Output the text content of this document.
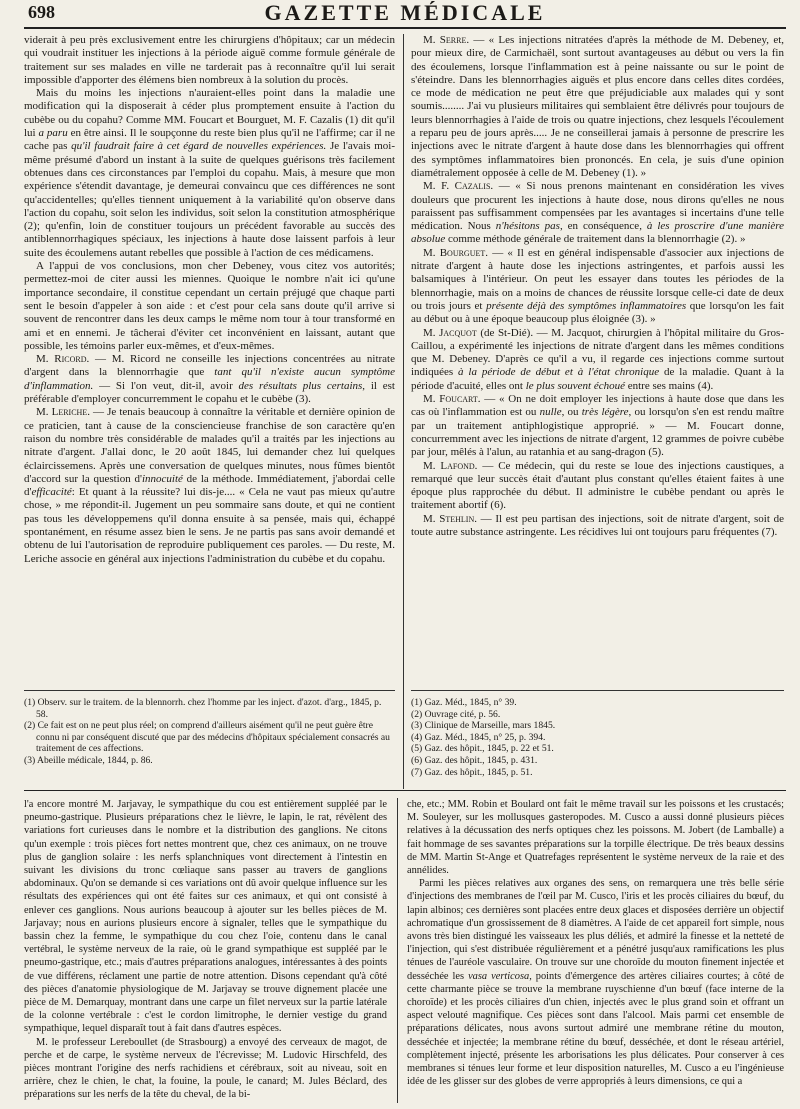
698	GAZETTE MÉDICALE

viderait à peu près exclusivement entre les chirurgiens d'hôpitaux; car un médecin qui voudrait instituer les injections à la période aiguë comme formule générale de traitement sur ses malades en ville ne tarderait pas à reconnaître qu'il lui serait impossible d'apporter des élémens bien nombreux à la solution du procès.

Mais du moins les injections n'auraient-elles point dans la maladie une modification qui la disposerait à céder plus promptement ensuite à l'action du cubèbe ou du copahu? Comme MM. Foucart et Bourguet, M. F. Cazalis (1) dit qu'il lui a paru en être ainsi. Il le soupçonne du reste bien plus qu'il ne l'affirme; car il ne cache pas qu'il faudrait faire à cet égard de nouvelles expériences. Je l'avais moi-même présumé d'abord un instant à la suite de quelques guérisons très facilement obtenues dans ces circonstances par l'emploi du copahu. Mais, à mesure que mon expérience s'étendit davantage, je demeurai convaincu que ces différences ne sont qu'accidentelles; qu'elles tiennent uniquement à la variabilité qu'on observe dans l'action du copahu, soit selon les individus, soit selon la constitution atmosphérique (2); qu'enfin, loin de constituer toujours un précédent favorable au succès des antiblennorrhagiques spéciaux, les injections à haute dose laissent parfois à leur suite des écoulemens autant rebelles que possible à l'action de ces médicamens.

A l'appui de vos conclusions, mon cher Debeney, vous citez vos autorités; permettez-moi de citer aussi les miennes. Quoique le nombre n'ait ici qu'une importance secondaire, il constitue cependant un certain préjugé que chaque parti sent le besoin d'appeler à son aide : et c'est pour cela sans doute qu'il arrive si souvent de rencontrer dans les deux camps le même nom tour à tour transformé en ami et en ennemi. Je tâcherai d'éviter cet inconvénient en laissant, autant que possible, les témoins parler eux-mêmes, et d'eux-mêmes.

M. Ricord. — M. Ricord ne conseille les injections concentrées au nitrate d'argent dans la blennorrhagie que tant qu'il n'existe aucun symptôme d'inflammation. — Si l'on veut, dit-il, avoir des résultats plus certains, il est préférable d'employer concurremment le copahu et le cubèbe (3).

M. Leriche. — Je tenais beaucoup à connaître la véritable et dernière opinion de ce praticien, tant à cause de la consciencieuse franchise de son caractère qu'en raison du nombre très considérable de malades qu'il a traités par les injections au nitrate d'argent. J'allai donc, le 20 août 1845, lui demander chez lui quelques éclaircissemens. Après une conversation de quelques minutes, nous fûmes bientôt d'accord sur la question d'innocuité de la méthode. Immédiatement, j'abordai celle d'efficacité: Et quant à la réussite? lui dis-je.... « Cela ne vaut pas mieux qu'autre chose, » me répondit-il. Jugement un peu sommaire sans doute, et qui ne contient pas tous les développemens qu'il donna ensuite à sa pensée, mais qui, échappé spontanément, en résume assez bien le sens. Je ne partis pas sans avoir demandé et obtenu de lui l'autorisation de reproduire publiquement ces paroles. — Du reste, M. Leriche associe en général aux injections l'administration du cubèbe et du copahu.

M. Serre. — « Les injections nitratées d'après la méthode de M. Debeney, et, pour mieux dire, de Carmichaël, sont surtout avantageuses au début ou vers la fin des écoulemens, lorsque l'inflammation est à peine naissante ou sur le point de s'éteindre. Dans les blennorrhagies aiguës et plus encore dans celles dites cordées, ce mode de médication ne peut être que préjudiciable aux malades qui y sont soumis........ J'ai vu plusieurs militaires qui semblaient être délivrés pour toujours de leurs blennorrhagies à l'aide de trois ou quatre injections, chez lesquels l'écoulement a reparu peu de jours après..... Je ne conseillerai jamais à personne de prescrire les injections avec le nitrate d'argent à haute dose dans les blennorrhagies qui offrent des symptômes inflammatoires bien prononcés. En cela, je suis d'une opinion diamétralement opposée à celle de M. Debeney (1). »

M. F. Cazalis. — « Si nous prenons maintenant en considération les vives douleurs que procurent les injections à haute dose, nous dirons qu'elles ne nous paraissent pas suffisamment compensées par les avantages si incertains d'une telle médication. Nous n'hésitons pas, en conséquence, à les proscrire d'une manière absolue comme méthode générale de traitement dans la blennorrhagie (2). »

M. Bourguet. — « Il est en général indispensable d'associer aux injections de nitrate d'argent à haute dose les injections astringentes, et parfois aussi les balsamiques à l'intérieur. On peut les essayer dans toutes les périodes de la blennorrhagie, mais on a moins de chances de réussite lorsque celle-ci date de deux ou trois jours et présente déjà des symptômes inflammatoires que lorsqu'on les fait au début ou à une époque beaucoup plus éloignée (3). »

M. Jacquot (de St-Dié). — M. Jacquot, chirurgien à l'hôpital militaire du Gros-Caillou, a expérimenté les injections de nitrate d'argent dans les mêmes conditions que M. Debeney. D'après ce qu'il a vu, il regarde ces injections comme surtout indiquées à la période de début et à l'état chronique de la maladie. Quant à la période d'acuité, elles ont le plus souvent échoué entre ses mains (4).

M. Foucart. — « On ne doit employer les injections à haute dose que dans les cas où l'inflammation est ou nulle, ou très légère, ou lorsqu'on s'en est rendu maître par un traitement antiphlogistique approprié. » — M. Foucart donne, concurremment avec les injections de nitrate d'argent, 12 grammes de poivre cubèbe par jour, mêlés à l'alun, au ratanhia et au sang-dragon (5).

M. Lafond. — Ce médecin, qui du reste se loue des injections caustiques, a remarqué que leur succès était d'autant plus constant qu'elles étaient faites à une époque plus rapprochée du début. Il administre le cubèbe pendant ou après le traitement abortif (6).

M. Stehlin. — Il est peu partisan des injections, soit de nitrate d'argent, soit de toute autre substance astringente. Les récidives lui ont toujours paru fréquentes (7).

(1) Observ. sur le traitem. de la blennorrh. chez l'homme par les inject. d'azot. d'arg., 1845, p. 58.
(2) Ce fait est on ne peut plus réel; on comprend d'ailleurs aisément qu'il ne peut guère être connu ni par conséquent discuté que par des médecins d'hôpitaux spécialement consacrés au traitement de ces affections.
(3) Abeille médicale, 1844, p. 86.
(1) Gaz. Méd., 1845, n° 39.
(2) Ouvrage cité, p. 56.
(3) Clinique de Marseille, mars 1845.
(4) Gaz. Méd., 1845, n° 25, p. 394.
(5) Gaz. des hôpit., 1845, p. 22 et 51.
(6) Gaz. des hôpit., 1845, p. 431.
(7) Gaz. des hôpit., 1845, p. 51.

l'a encore montré M. Jarjavay, le sympathique du cou est entièrement suppléé par le pneumo-gastrique. Plusieurs préparations chez le lièvre, le lapin, le rat, révèlent des variations fort curieuses dans le nombre et la distribution des ganglions. Ne citons qu'un exemple : trois pièces fort nettes montrent que, chez ces animaux, on ne trouve plus de ganglion solaire : les nerfs splanchniques vont directement à l'intestin en suivant les divisions du tronc cœliaque sans passer au travers de ganglions abdominaux. Qu'on se demande si ces variations ont dû avoir quelque influence sur les résultats des expériences qui ont été faites sur ces animaux, et qui ont consisté à enlever ces ganglions. Nous aurions beaucoup à ajouter sur les belles pièces de M. Jarjavay; nous en aurions plusieurs encore à signaler, telles que le sympathique du bassin chez la femme, le sympathique du cou chez l'oie, contenu dans le canal vertébral, le système nerveux de la raie, où le grand sympathique est suppléé par le pneumo-gastrique, etc.; mais d'autres préparations analogues, intéressantes à des points de vue différens, réclament une partie de notre attention. Disons cependant qu'à côté des pièces d'anatomie physiologique de M. Jarjavay se trouve dignement placée une pièce de M. Demarquay, montrant dans une carpe un filet nerveux sur la partie latérale de la colonne vertébrale : c'est le cordon limitrophe, le dernier vestige du grand sympathique, lequel disparaît tout à fait dans d'autres espèces.

M. le professeur Lereboullet (de Strasbourg) a envoyé des cerveaux de magot, de perche et de carpe, le système nerveux de l'écrevisse; M. Ludovic Hirschfeld, des pièces montrant l'origine des nerfs rachidiens et cérébraux, soit au niveau, soit en arrière, chez le chien, le chat, la fouine, la poule, le canard; M. Jules Béclard, des préparations sur les nerfs de la tête du cheval, de la bi-

che, etc.; MM. Robin et Boulard ont fait le même travail sur les poissons et les crustacés; M. Souleyer, sur les mollusques gasteropodes. M. Cusco a aussi donné plusieurs pièces relatives à la décussation des nerfs optiques chez les poissons. M. Jobert (de Lamballe) a fait hommage de ses savantes préparations sur la torpille électrique. De très beaux dessins de MM. Martin St-Ange et Quatrefages représentent le système nerveux de la raie et des annélides.

Parmi les pièces relatives aux organes des sens, on remarquera une très belle série d'injections des membranes de l'œil par M. Cusco, l'iris et les procès ciliaires du bœuf, du lapin albinos; ces dernières sont placées entre deux glaces et disposées derrière un objectif achromatique d'un grossissement de 8 diamètres. A l'aide de cet appareil fort simple, nous avons très bien distingué les vaisseaux les plus déliés, et admiré la finesse et la netteté de l'injection, qui s'est distribuée régulièrement et a pénétré jusqu'aux ramifications les plus ténues de l'auréole vasculaire. On trouve sur une choroïde du mouton finement injectée et desséchée les vasa verticosa, points d'émergence des artères ciliaires courtes; à côté de cette charmante pièce se trouve la membrane ruyschienne d'un bœuf (face interne de la choroïde) et les procès ciliaires d'un chien, injectés avec le plus grand soin et offrant un aspect velouté magnifique. Ces pièces sont dans l'alcool. Mais parmi cet ensemble de préparations délicates, nous avons surtout admiré une membrane rétine du mouton, desséchée et injectée; la membrane rétine du bœuf, desséchée, et dont le réseau artériel, complètement injecté, présente les arborisations les plus délicates. Pour conserver à ces membranes si ténues leur forme et leur disposition naturelles, M. Cusco a eu l'ingénieuse idée de les glisser sur des globes de verre appropriés à leurs dimensions, ce qui a
